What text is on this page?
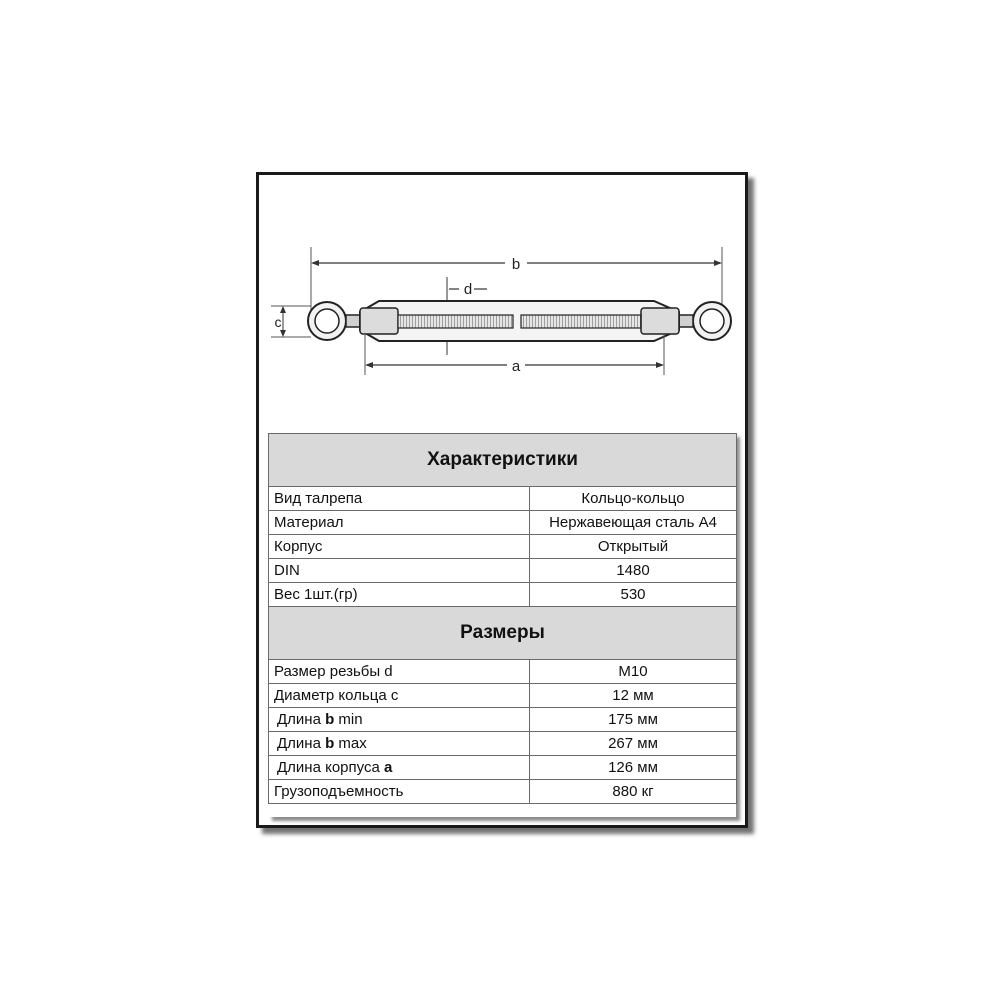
b
d
c
a
Характеристики	
Вид талрепа	Кольцо-кольцо
Материал	Нержавеющая сталь А4
Корпус	Открытый
DIN	1480
Вес 1шт.(гр)	530
Размеры	
Размер резьбы d	M10
Диаметр кольца с	12 мм
Длина b min	175 мм
Длина b max	267 мм
Длина корпуса a	126 мм
Грузоподъемность	880 кг
